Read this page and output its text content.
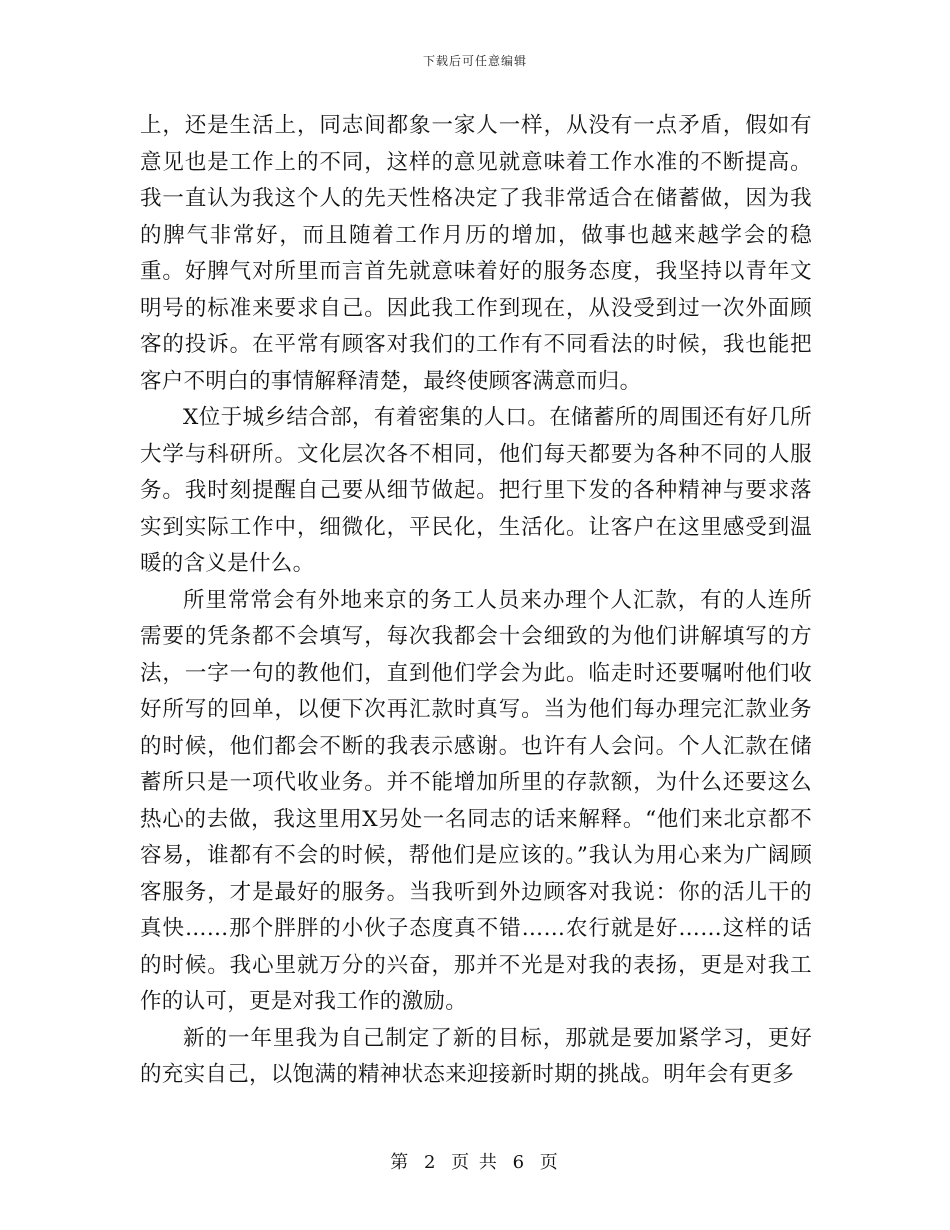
下载后可任意编辑

上，还是生活上，同志间都象一家人一样，从没有一点矛盾，假如有意见也是工作上的不同，这样的意见就意味着工作水准的不断提高。我一直认为我这个人的先天性格决定了我非常适合在储蓄做，因为我的脾气非常好，而且随着工作月历的增加，做事也越来越学会的稳重。好脾气对所里而言首先就意味着好的服务态度，我坚持以青年文明号的标准来要求自己。因此我工作到现在，从没受到过一次外面顾客的投诉。在平常有顾客对我们的工作有不同看法的时候，我也能把客户不明白的事情解释清楚，最终使顾客满意而归。

X位于城乡结合部，有着密集的人口。在储蓄所的周围还有好几所大学与科研所。文化层次各不相同，他们每天都要为各种不同的人服务。我时刻提醒自己要从细节做起。把行里下发的各种精神与要求落实到实际工作中，细微化，平民化，生活化。让客户在这里感受到温暖的含义是什么。

所里常常会有外地来京的务工人员来办理个人汇款，有的人连所需要的凭条都不会填写，每次我都会十会细致的为他们讲解填写的方法，一字一句的教他们，直到他们学会为此。临走时还要嘱咐他们收好所写的回单，以便下次再汇款时真写。当为他们每办理完汇款业务的时候，他们都会不断的我表示感谢。也许有人会问。个人汇款在储蓄所只是一项代收业务。并不能增加所里的存款额，为什么还要这么热心的去做，我这里用X另处一名同志的话来解释。“他们来北京都不容易，谁都有不会的时候，帮他们是应该的。”我认为用心来为广阔顾客服务，才是最好的服务。当我听到外边顾客对我说：你的活儿干的真快……那个胖胖的小伙子态度真不错……农行就是好……这样的话的时候。我心里就万分的兴奋，那并不光是对我的表扬，更是对我工作的认可，更是对我工作的激励。

新的一年里我为自己制定了新的目标，那就是要加紧学习，更好的充实自己，以饱满的精神状态来迎接新时期的挑战。明年会有更多

第 2 页 共 6 页
